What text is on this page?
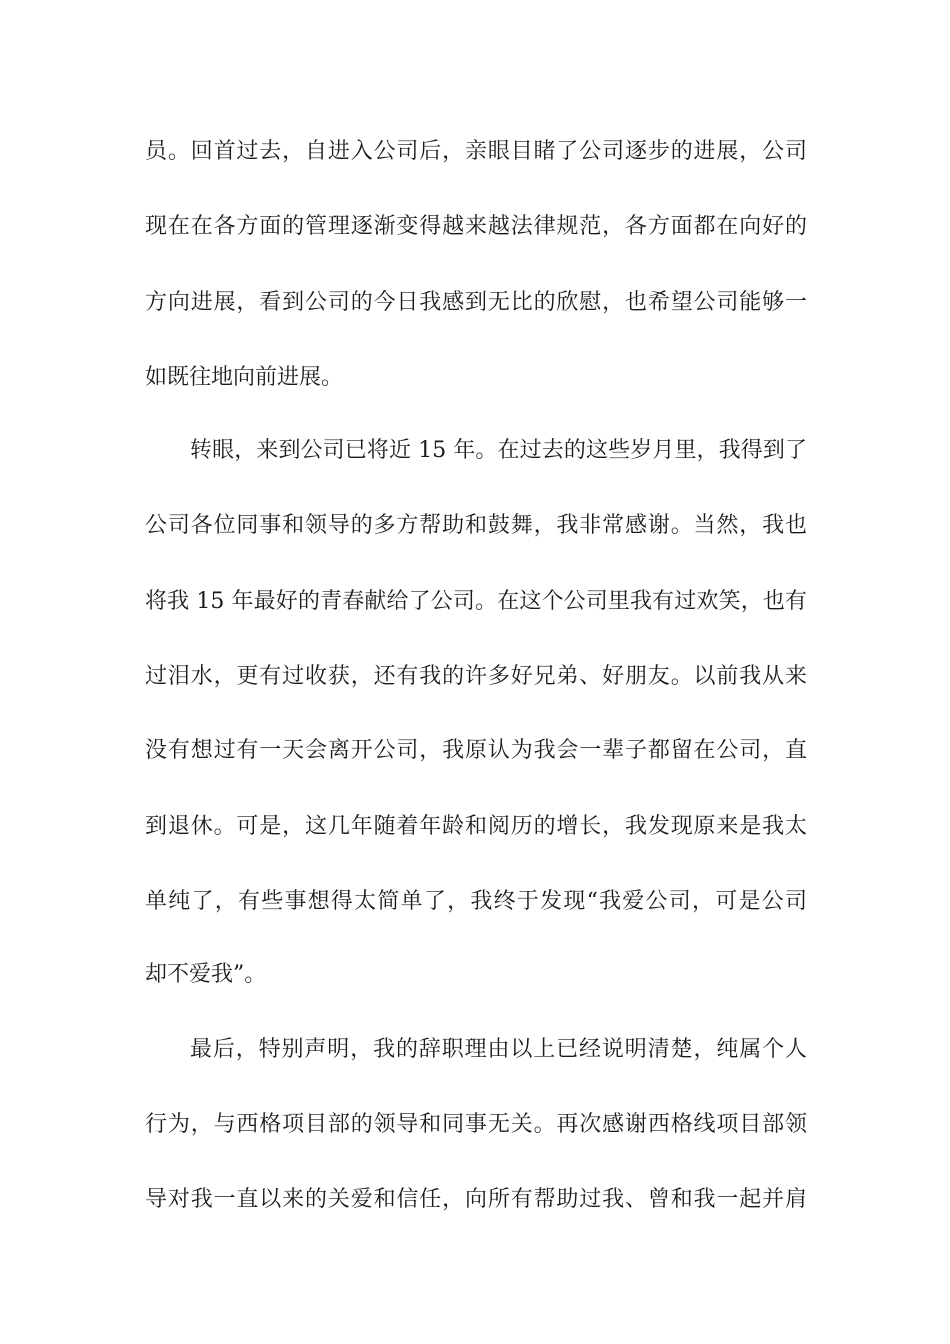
员。回首过去，自进入公司后，亲眼目睹了公司逐步的进展，公司
现在在各方面的管理逐渐变得越来越法律规范，各方面都在向好的
方向进展，看到公司的今日我感到无比的欣慰，也希望公司能够一
如既往地向前进展。
转眼，来到公司已将近 15 年。在过去的这些岁月里，我得到了
公司各位同事和领导的多方帮助和鼓舞，我非常感谢。当然，我也
将我 15 年最好的青春献给了公司。在这个公司里我有过欢笑，也有
过泪水，更有过收获，还有我的许多好兄弟、好朋友。以前我从来
没有想过有一天会离开公司，我原认为我会一辈子都留在公司，直
到退休。可是，这几年随着年龄和阅历的增长，我发现原来是我太
单纯了，有些事想得太简单了，我终于发现“我爱公司，可是公司
却不爱我”。
最后，特别声明，我的辞职理由以上已经说明清楚，纯属个人
行为，与西格项目部的领导和同事无关。再次感谢西格线项目部领
导对我一直以来的关爱和信任，向所有帮助过我、曾和我一起并肩
